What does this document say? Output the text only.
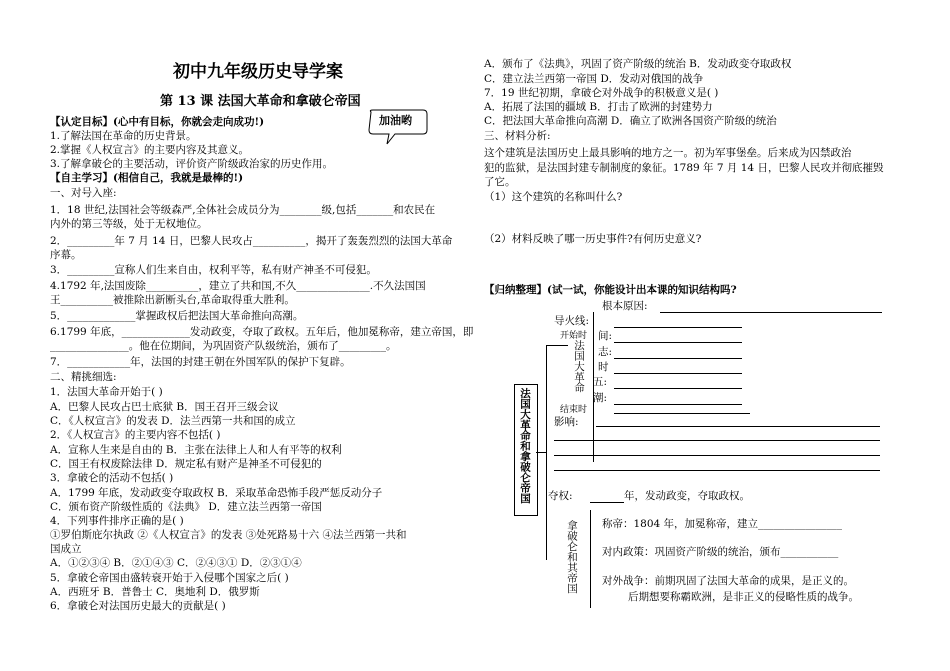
初中九年级历史导学案
第 13 课 法国大革命和拿破仑帝国
加油哟
【认定目标】(心中有目标，你就会走向成功!)
1.了解法国在革命的历史背景。
2.掌握《人权宣言》的主要内容及其意义。
3.了解拿破仑的主要活动，评价资产阶级政治家的历史作用。
【自主学习】(相信自己，我就是最棒的!)
一、对号入座:
1．18 世纪,法国社会等级森严,全体社会成员分为________级,包括_______和农民在
内外的第三等级，处于无权地位。
2．_________年 7 月 14 日，巴黎人民攻占__________，揭开了轰轰烈烈的法国大革命
序幕。
3．_________宣称人们生来自由，权利平等，私有财产神圣不可侵犯。
4.1792 年,法国废除__________，建立了共和国,不久______________.不久法国国
王__________被推除出新断头台,革命取得重大胜利。
5．_____________掌握政权后把法国大革命推向高潮。
6.1799 年底，_____________发动政变，夺取了政权。五年后，他加冕称帝，建立帝国，即
_______________。他在位期间，为巩固资产队级统治，颁布了_________。
7．____________年，法国的封建王朝在外国军队的保护下复辟。
二、精挑细选:
1．法国大革命开始于( )
A．巴黎人民攻占巴士底狱 B．国王召开三级会议
C．《人权宣言》的发表 D．法兰西第一共和国的成立
2．《人权宣言》的主要内容不包括( )
A．宣称人生来是自由的 B．主张在法律上人和人有平等的权利
C．国王有权废除法律 D．规定私有财产是神圣不可侵犯的
3．拿破仑的活动不包括( )
A．1799 年底，发动政变夺取政权 B．采取革命恐怖手段严惩反动分子
C．颁布资产阶级性质的《法典》 D．建立法兰西第一帝国
4．下列事件排序正确的是( )
①罗伯斯庇尔执政 ②《人权宣言》的发表 ③处死路易十六 ④法兰西第一共和
国成立
A．①②③④ B．②①④③ C．②④③① D．②③①④
5．拿破仑帝国由盛转衰开始于入侵哪个国家之后( )
A．西班牙 B．普鲁士 C．奥地利 D．俄罗斯
6．拿破仑对法国历史最大的贡献是( )
A．颁布了《法典》，巩固了资产阶级的统治 B．发动政变夺取政权
C．建立法兰西第一帝国 D．发动对俄国的战争
7．19 世纪初期，拿破仑对外战争的积极意义是( )
A．拓展了法国的疆域 B．打击了欧洲的封建势力
C．把法国大革命推向高潮 D．确立了欧洲各国资产阶级的统治
三、材料分析:
这个建筑是法国历史上最具影响的地方之一。初为军事堡垒。后来成为囚禁政治
犯的监狱，是法国封建专制制度的象征。1789 年 7 月 14 日，巴黎人民攻并彻底摧毁
了它。
（1）这个建筑的名称叫什么?
（2）材料反映了哪一历史事件?有何历史意义?
【归纳整理】(试一试，你能设计出本课的知识结构吗?
法国大革命和拿破仑帝国
法国大革命
根本原因:
导火线:
开始时 间:
志:
时
五:
潮:
结束时
影响:
夺权:	年，发动政变，夺取政权。
拿破仑和其帝国 称帝：1804 年，加冕称帝，建立________________
对内政策：巩固资产阶级的统治，颁布___________
对外战争：前期巩固了法国大革命的成果，是正义的。
后期想要称霸欧洲，是非正义的侵略性质的战争。
